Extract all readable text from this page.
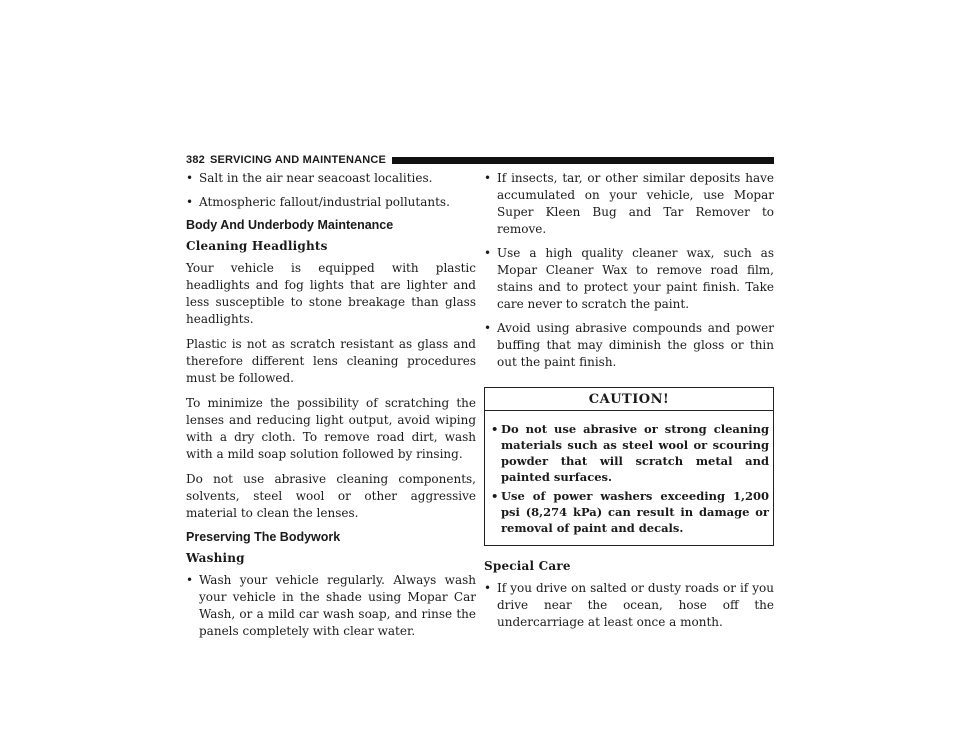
382 SERVICING AND MAINTENANCE
• Salt in the air near seacoast localities.
• Atmospheric fallout/industrial pollutants.
Body And Underbody Maintenance
Cleaning Headlights

Your vehicle is equipped with plastic headlights and fog lights that are lighter and less susceptible to stone breakage than glass headlights.

Plastic is not as scratch resistant as glass and therefore different lens cleaning procedures must be followed.

To minimize the possibility of scratching the lenses and reducing light output, avoid wiping with a dry cloth. To remove road dirt, wash with a mild soap solution followed by rinsing.

Do not use abrasive cleaning components, solvents, steel wool or other aggressive material to clean the lenses.

Preserving The Bodywork
Washing
• Wash your vehicle regularly. Always wash your vehicle in the shade using Mopar Car Wash, or a mild car wash soap, and rinse the panels completely with clear water.
• If insects, tar, or other similar deposits have accumulated on your vehicle, use Mopar Super Kleen Bug and Tar Remover to remove.
• Use a high quality cleaner wax, such as Mopar Cleaner Wax to remove road film, stains and to protect your paint finish. Take care never to scratch the paint.
• Avoid using abrasive compounds and power buffing that may diminish the gloss or thin out the paint finish.
CAUTION!
• Do not use abrasive or strong cleaning materials such as steel wool or scouring powder that will scratch metal and painted surfaces.
• Use of power washers exceeding 1,200 psi (8,274 kPa) can result in damage or removal of paint and decals.
Special Care
• If you drive on salted or dusty roads or if you drive near the ocean, hose off the undercarriage at least once a month.
